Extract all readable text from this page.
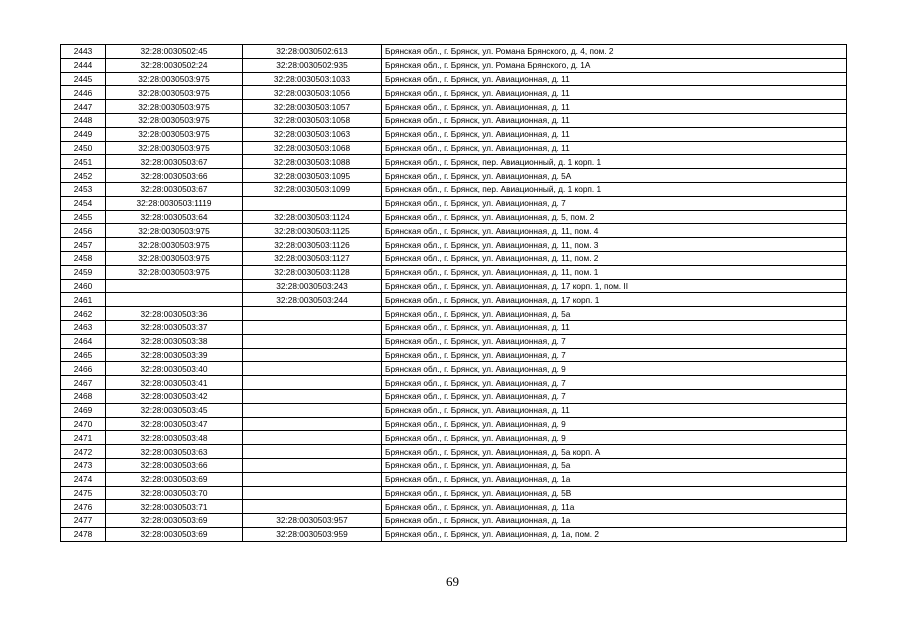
2443	32:28:0030502:45	32:28:0030502:613	Брянская обл., г. Брянск, ул. Романа Брянского, д. 4, пом. 2
2444	32:28:0030502:24	32:28:0030502:935	Брянская обл., г. Брянск, ул. Романа Брянского, д. 1А
2445	32:28:0030503:975	32:28:0030503:1033	Брянская обл., г. Брянск, ул. Авиационная, д. 11
2446	32:28:0030503:975	32:28:0030503:1056	Брянская обл., г. Брянск, ул. Авиационная, д. 11
2447	32:28:0030503:975	32:28:0030503:1057	Брянская обл., г. Брянск, ул. Авиационная, д. 11
2448	32:28:0030503:975	32:28:0030503:1058	Брянская обл., г. Брянск, ул. Авиационная, д. 11
2449	32:28:0030503:975	32:28:0030503:1063	Брянская обл., г. Брянск, ул. Авиационная, д. 11
2450	32:28:0030503:975	32:28:0030503:1068	Брянская обл., г. Брянск, ул. Авиационная, д. 11
2451	32:28:0030503:67	32:28:0030503:1088	Брянская обл., г. Брянск, пер. Авиационный, д. 1 корп. 1
2452	32:28:0030503:66	32:28:0030503:1095	Брянская обл., г. Брянск, ул. Авиационная, д. 5А
2453	32:28:0030503:67	32:28:0030503:1099	Брянская обл., г. Брянск, пер. Авиационный, д. 1 корп. 1
2454	32:28:0030503:1119		Брянская обл., г. Брянск, ул. Авиационная, д. 7
2455	32:28:0030503:64	32:28:0030503:1124	Брянская обл., г. Брянск, ул. Авиационная, д. 5, пом. 2
2456	32:28:0030503:975	32:28:0030503:1125	Брянская обл., г. Брянск, ул. Авиационная, д. 11, пом. 4
2457	32:28:0030503:975	32:28:0030503:1126	Брянская обл., г. Брянск, ул. Авиационная, д. 11, пом. 3
2458	32:28:0030503:975	32:28:0030503:1127	Брянская обл., г. Брянск, ул. Авиационная, д. 11, пом. 2
2459	32:28:0030503:975	32:28:0030503:1128	Брянская обл., г. Брянск, ул. Авиационная, д. 11, пом. 1
2460		32:28:0030503:243	Брянская обл., г. Брянск, ул. Авиационная, д. 17 корп. 1, пом. II
2461		32:28:0030503:244	Брянская обл., г. Брянск, ул. Авиационная, д. 17 корп. 1
2462	32:28:0030503:36		Брянская обл., г. Брянск, ул. Авиационная, д. 5а
2463	32:28:0030503:37		Брянская обл., г. Брянск, ул. Авиационная, д. 11
2464	32:28:0030503:38		Брянская обл., г. Брянск, ул. Авиационная, д. 7
2465	32:28:0030503:39		Брянская обл., г. Брянск, ул. Авиационная, д. 7
2466	32:28:0030503:40		Брянская обл., г. Брянск, ул. Авиационная, д. 9
2467	32:28:0030503:41		Брянская обл., г. Брянск, ул. Авиационная, д. 7
2468	32:28:0030503:42		Брянская обл., г. Брянск, ул. Авиационная, д. 7
2469	32:28:0030503:45		Брянская обл., г. Брянск, ул. Авиационная, д. 11
2470	32:28:0030503:47		Брянская обл., г. Брянск, ул. Авиационная, д. 9
2471	32:28:0030503:48		Брянская обл., г. Брянск, ул. Авиационная, д. 9
2472	32:28:0030503:63		Брянская обл., г. Брянск, ул. Авиационная, д. 5а корп. А
2473	32:28:0030503:66		Брянская обл., г. Брянск, ул. Авиационная, д. 5а
2474	32:28:0030503:69		Брянская обл., г. Брянск, ул. Авиационная, д. 1а
2475	32:28:0030503:70		Брянская обл., г. Брянск, ул. Авиационная, д. 5В
2476	32:28:0030503:71		Брянская обл., г. Брянск, ул. Авиационная, д. 11а
2477	32:28:0030503:69	32:28:0030503:957	Брянская обл., г. Брянск, ул. Авиационная, д. 1а
2478	32:28:0030503:69	32:28:0030503:959	Брянская обл., г. Брянск, ул. Авиационная, д. 1а, пом. 2
69
